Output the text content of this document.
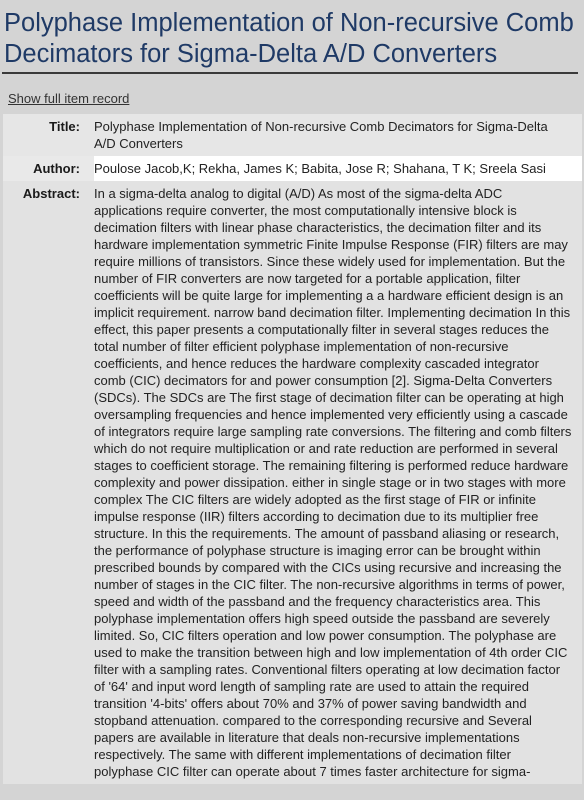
Polyphase Implementation of Non-recursive Comb Decimators for Sigma-Delta A/D Converters
Show full item record
Title:	Polyphase Implementation of Non-recursive Comb Decimators for Sigma-Delta A/D Converters
Author:	Poulose Jacob,K; Rekha, James K; Babita, Jose R; Shahana, T K; Sreela Sasi
Abstract:	In a sigma-delta analog to digital (A/D) As most of the sigma-delta ADC applications require converter, the most computationally intensive block is decimation filters with linear phase characteristics, the decimation filter and its hardware implementation symmetric Finite Impulse Response (FIR) filters are may require millions of transistors. Since these widely used for implementation. But the number of FIR converters are now targeted for a portable application, filter coefficients will be quite large for implementing a a hardware efficient design is an implicit requirement. narrow band decimation filter. Implementing decimation In this effect, this paper presents a computationally filter in several stages reduces the total number of filter efficient polyphase implementation of non-recursive coefficients, and hence reduces the hardware complexity cascaded integrator comb (CIC) decimators for and power consumption [2]. Sigma-Delta Converters (SDCs). The SDCs are The first stage of decimation filter can be operating at high oversampling frequencies and hence implemented very efficiently using a cascade of integrators require large sampling rate conversions. The filtering and comb filters which do not require multiplication or and rate reduction are performed in several stages to coefficient storage. The remaining filtering is performed reduce hardware complexity and power dissipation. either in single stage or in two stages with more complex The CIC filters are widely adopted as the first stage of FIR or infinite impulse response (IIR) filters according to decimation due to its multiplier free structure. In this the requirements. The amount of passband aliasing or research, the performance of polyphase structure is imaging error can be brought within prescribed bounds by compared with the CICs using recursive and increasing the number of stages in the CIC filter. The non-recursive algorithms in terms of power, speed and width of the passband and the frequency characteristics area. This polyphase implementation offers high speed outside the passband are severely limited. So, CIC filters operation and low power consumption. The polyphase are used to make the transition between high and low implementation of 4th order CIC filter with a sampling rates. Conventional filters operating at low decimation factor of '64' and input word length of sampling rate are used to attain the required transition '4-bits' offers about 70% and 37% of power saving bandwidth and stopband attenuation. compared to the corresponding recursive and Several papers are available in literature that deals non-recursive implementations respectively. The same with different implementations of decimation filter polyphase CIC filter can operate about 7 times faster architecture for sigma-
